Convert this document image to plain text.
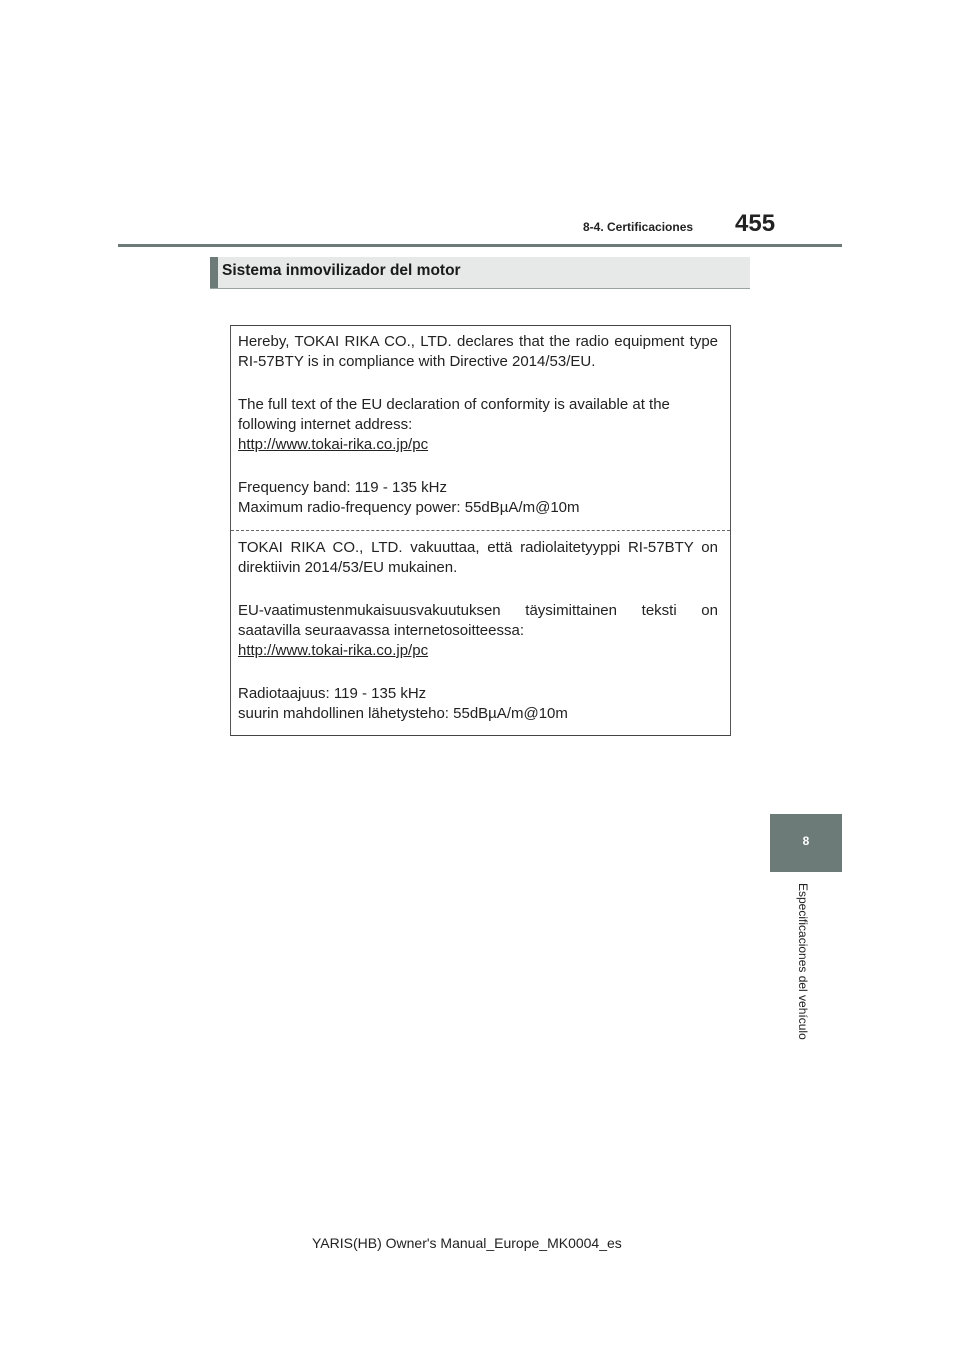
8-4. Certificaciones 455
Sistema inmovilizador del motor

Hereby, TOKAI RIKA CO., LTD. declares that the radio equipment type

RI-57BTY is in compliance with Directive 2014/53/EU.

The full text of the EU declaration of conformity is available at the

following internet address:

http://www.tokai-rika.co.jp/pc

Frequency band: 119 - 135 kHz

Maximum radio-frequency power: 55dBµA/m@10m

TOKAI RIKA CO., LTD. vakuuttaa, että radiolaitetyyppi RI-57BTY on

direktiivin 2014/53/EU mukainen.

EU-vaatimustenmukaisuusvakuutuksen täysimittainen teksti on

saatavilla seuraavassa internetosoitteessa:

http://www.tokai-rika.co.jp/pc

Radiotaajuus: 119 - 135 kHz

suurin mahdollinen lähetysteho: 55dBµA/m@10m

8
Especificaciones del vehículo
YARIS(HB) Owner's Manual_Europe_MK0004_es
